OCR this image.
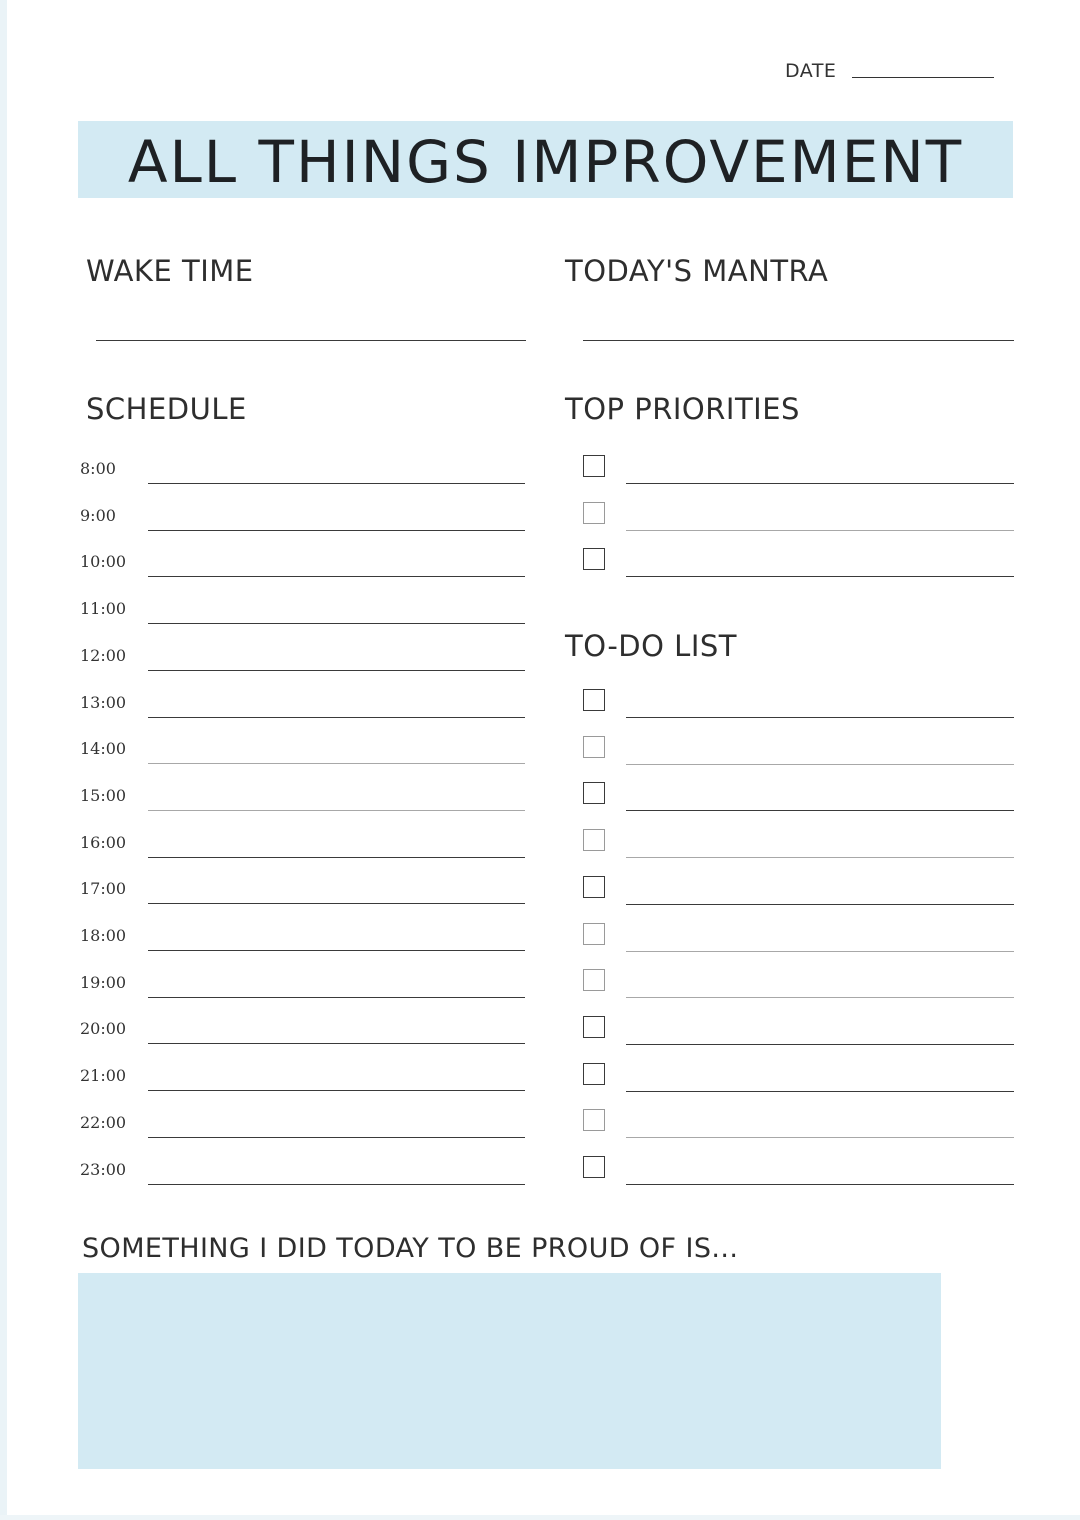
DATE
ALL THINGS IMPROVEMENT
WAKE TIME	TODAY'S MANTRA
SCHEDULE
8:00
9:00
10:00
11:00
12:00
13:00
14:00
15:00
16:00
17:00
18:00
19:00
20:00
21:00
22:00
23:00
TOP PRIORITIES
TO-DO LIST
SOMETHING I DID TODAY TO BE PROUD OF IS...
